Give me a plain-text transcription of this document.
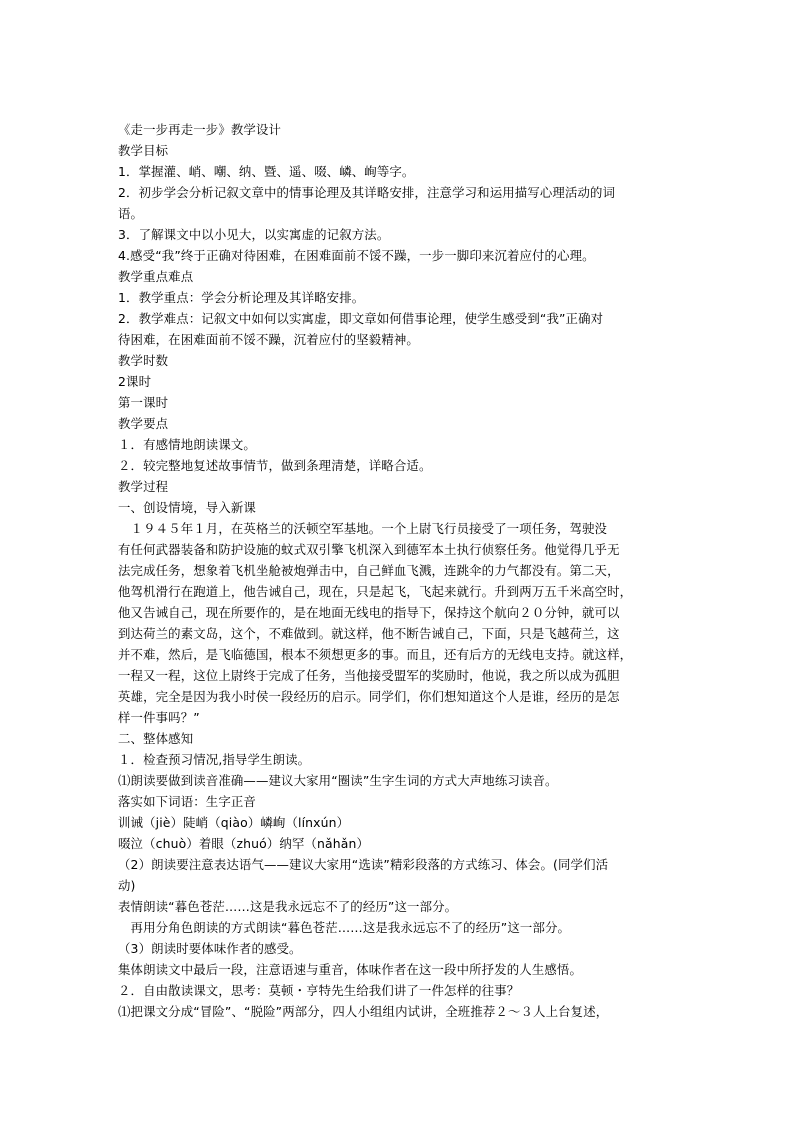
《走一步再走一步》教学设计
教学目标
1．掌握灌、峭、嘲、纳、暨、遥、啜、嶙、峋等字。
2．初步学会分析记叙文章中的情事论理及其详略安排，注意学习和运用描写心理活动的词
语。
3．了解课文中以小见大，以实寓虚的记叙方法。
4.感受“我”终于正确对待困难，在困难面前不馁不躁，一步一脚印来沉着应付的心理。
教学重点难点
1．教学重点：学会分析论理及其详略安排。
2．教学难点：记叙文中如何以实寓虚，即文章如何借事论理，使学生感受到“我”正确对
待困难，在困难面前不馁不躁，沉着应付的坚毅精神。
教学时数
2课时
第一课时
教学要点
１．有感情地朗读课文。
２．较完整地复述故事情节，做到条理清楚，详略合适。
教学过程
一、创设情境，导入新课
　１９４５年１月，在英格兰的沃顿空军基地。一个上尉飞行员接受了一项任务，驾驶没
有任何武器装备和防护设施的蚊式双引擎飞机深入到德军本土执行侦察任务。他觉得几乎无
法完成任务，想象着飞机坐舱被炮弹击中，自己鲜血飞溅，连跳伞的力气都没有。第二天，
他驾机滑行在跑道上，他告诫自己，现在，只是起飞，飞起来就行。升到两万五千米高空时，
他又告诫自己，现在所要作的，是在地面无线电的指导下，保持这个航向２０分钟，就可以
到达荷兰的素文岛，这个，不难做到。就这样，他不断告诫自己，下面，只是飞越荷兰，这
并不难，然后，是飞临德国，根本不须想更多的事。而且，还有后方的无线电支持。就这样，
一程又一程，这位上尉终于完成了任务，当他接受盟军的奖励时，他说，我之所以成为孤胆
英雄，完全是因为我小时侯一段经历的启示。同学们，你们想知道这个人是谁，经历的是怎
样一件事吗？”
二、整体感知
１．检查预习情况,指导学生朗读。
⑴朗读要做到读音准确——建议大家用“圈读”生字生词的方式大声地练习读音。
落实如下词语：生字正音
训诫（jiè）陡峭（qiào）嶙峋（línxún）
啜泣（chuò）着眼（zhuó）纳罕（nǎhǎn）
（2）朗读要注意表达语气——建议大家用“选读”精彩段落的方式练习、体会。(同学们活
动)
表情朗读“暮色苍茫……这是我永远忘不了的经历”这一部分。
　再用分角色朗读的方式朗读“暮色苍茫……这是我永远忘不了的经历”这一部分。
（3）朗读时要体味作者的感受。
集体朗读文中最后一段，注意语速与重音，体味作者在这一段中所抒发的人生感悟。
２．自由散读课文，思考：莫顿・亨特先生给我们讲了一件怎样的往事？
⑴把课文分成“冒险”、“脱险”两部分，四人小组组内试讲，全班推荐２～３人上台复述，
